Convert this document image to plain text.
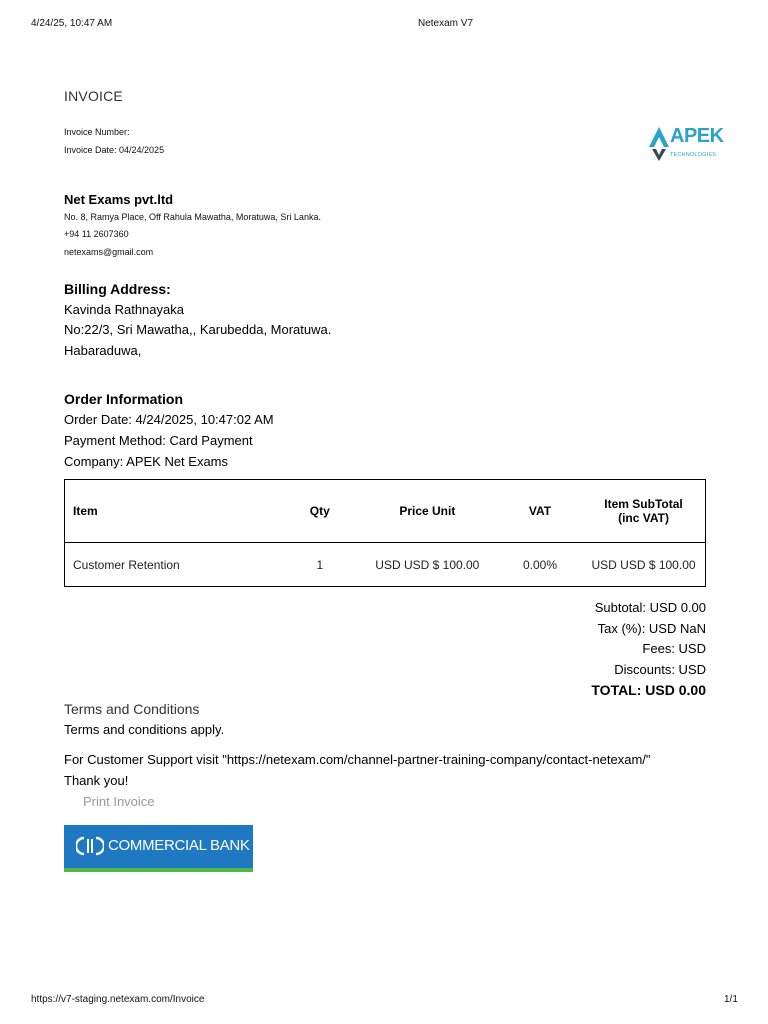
4/24/25, 10:47 AM	Netexam V7
INVOICE
Invoice Number:
Invoice Date: 04/24/2025
APEK
TECHNOLOGIES
Net Exams pvt.ltd
No. 8, Ramya Place, Off Rahula Mawatha, Moratuwa, Sri Lanka.
+94 11 2607360
netexams@gmail.com
Billing Address:
Kavinda Rathnayaka
No:22/3, Sri Mawatha,, Karubedda, Moratuwa.
Habaraduwa,
Order Information
Order Date: 4/24/2025, 10:47:02 AM
Payment Method: Card Payment
Company: APEK Net Exams
Item	Qty	Price Unit	VAT	Item SubTotal
(inc VAT)

Customer Retention	1	USD USD $ 100.00	0.00%	USD USD $ 100.00
Subtotal: USD 0.00
Tax (%): USD NaN
Fees: USD
Discounts: USD
TOTAL: USD 0.00
Terms and Conditions
Terms and conditions apply.
For Customer Support visit "https://netexam.com/channel-partner-training-company/contact-netexam/"
Thank you!
Print Invoice
COMMERCIAL BANK
https://v7-staging.netexam.com/Invoice	1/1
